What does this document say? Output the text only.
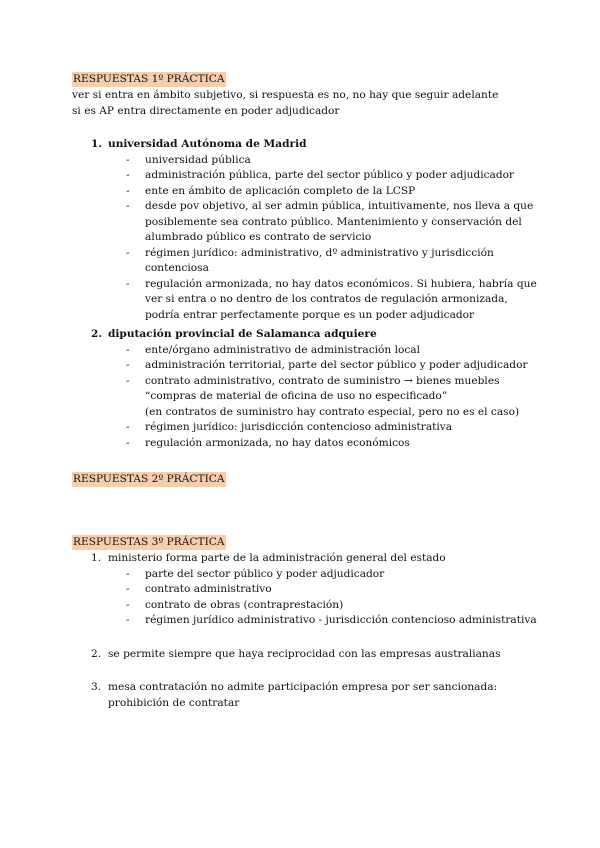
RESPUESTAS 1º PRÁCTICA
ver si entra en ámbito subjetivo, si respuesta es no, no hay que seguir adelante
si es AP entra directamente en poder adjudicador
1. universidad Autónoma de Madrid
- universidad pública
- administración pública, parte del sector público y poder adjudicador
- ente en ámbito de aplicación completo de la LCSP
- desde pov objetivo, al ser admin pública, intuitivamente, nos lleva a que posiblemente sea contrato público. Mantenimiento y conservación del alumbrado público es contrato de servicio
- régimen jurídico: administrativo, dº administrativo y jurisdicción contenciosa
- regulación armonizada, no hay datos económicos. Si hubiera, habría que ver si entra o no dentro de los contratos de regulación armonizada, podría entrar perfectamente porque es un poder adjudicador
2. diputación provincial de Salamanca adquiere
- ente/órgano administrativo de administración local
- administración territorial, parte del sector público y poder adjudicador
- contrato administrativo, contrato de suministro → bienes muebles “compras de material de oficina de uso no especificado”
(en contratos de suministro hay contrato especial, pero no es el caso)
- régimen jurídico: jurisdicción contencioso administrativa
- regulación armonizada, no hay datos económicos
RESPUESTAS 2º PRÁCTICA
RESPUESTAS 3º PRÁCTICA
1. ministerio forma parte de la administración general del estado
- parte del sector público y poder adjudicador
- contrato administrativo
- contrato de obras (contraprestación)
- régimen jurídico administrativo - jurisdicción contencioso administrativa
2. se permite siempre que haya reciprocidad con las empresas australianas
3. mesa contratación no admite participación empresa por ser sancionada: prohibición de contratar
